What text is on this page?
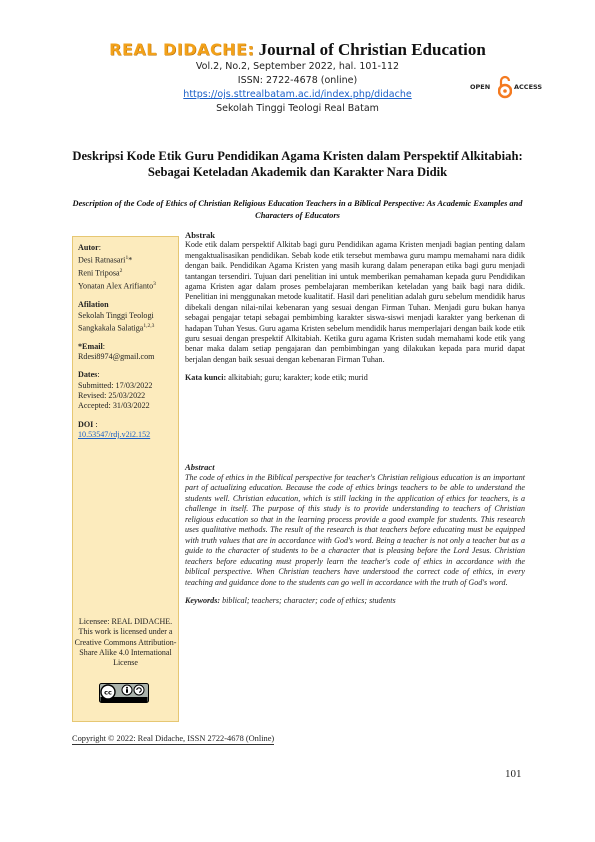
REAL DIDACHE: Journal of Christian Education
Vol.2, No.2, September 2022, hal. 101-112
ISSN: 2722-4678 (online)
https://ojs.sttrealbatam.ac.id/index.php/didache
Sekolah Tinggi Teologi Real Batam
OPEN	ACCESS
Deskripsi Kode Etik Guru Pendidikan Agama Kristen dalam Perspektif Alkitabiah: Sebagai Keteladan Akademik dan Karakter Nara Didik
Description of the Code of Ethics of Christian Religious Education Teachers in a Biblical Perspective: As Academic Examples and Characters of Educators
Autor:
Desi Ratnasari$^1$*
Reni Triposa$^2$
Yonatan Alex Arifianto$^3$
Afilation
Sekolah Tinggi Teologi Sangkakala Salatiga$^{1,2,3}$
*Email:
Rdesi8974@gmail.com
Dates:
Submitted: 17/03/2022
Revised: 25/03/2022
Accepted: 31/03/2022
DOI :
10.53547/rdj.v2i2.152
Licensee: REAL DIDACHE. This work is licensed under a Creative Commons Attribution-Share Alike 4.0 International License
cc
Abstrak
Kode etik dalam perspektif Alkitab bagi guru Pendidikan agama Kristen menjadi bagian penting dalam mengaktualisasikan pendidikan. Sebab kode etik tersebut membawa guru mampu memahami nara didik dengan baik. Pendidikan Agama Kristen yang masih kurang dalam penerapan etika bagi guru menjadi tantangan tersendiri. Tujuan dari penelitian ini untuk memberikan pemahaman kepada guru Pendidikan agama Kristen agar dalam proses pembelajaran memberikan keteladan yang baik bagi nara didik. Penelitian ini menggunakan metode kualitatif. Hasil dari penelitian adalah guru sebelum mendidik harus dibekali dengan nilai-nilai kebenaran yang sesuai dengan Firman Tuhan. Menjadi guru bukan hanya sebagai pengajar tetapi sebagai pembimbing karakter siswa-siswi menjadi karakter yang berkenan di hadapan Tuhan Yesus. Guru agama Kristen sebelum mendidik harus memperlajari dengan baik kode etik guru sesuai dengan prespektif Alkitabiah. Ketika guru agama Kristen sudah memahami kode etik yang benar maka dalam setiap pengajaran dan pembimbingan yang dilakukan kepada para murid dapat berjalan dengan baik sesuai dengan kebenaran Firman Tuhan.
Kata kunci: alkitabiah; guru; karakter; kode etik; murid
Abstract
The code of ethics in the Biblical perspective for teacher's Christian religious education is an important part of actualizing education. Because the code of ethics brings teachers to be able to understand the students well. Christian education, which is still lacking in the application of ethics for teachers, is a challenge in itself. The purpose of this study is to provide understanding to teachers of Christian religious education so that in the learning process provide a good example for students. This research uses qualitative methods. The result of the research is that teachers before educating must be equipped with truth values that are in accordance with God's word. Being a teacher is not only a teacher but as a guide to the character of students to be a character that is pleasing before the Lord Jesus. Christian teachers before educating must properly learn the teacher's code of ethics in accordance with the biblical perspective. When Christian teachers have understood the correct code of ethics, in every teaching and guidance done to the students can go well in accordance with the truth of God's word.
Keywords: biblical; teachers; character; code of ethics; students
Copyright © 2022: Real Didache, ISSN 2722-4678 (Online)
101
